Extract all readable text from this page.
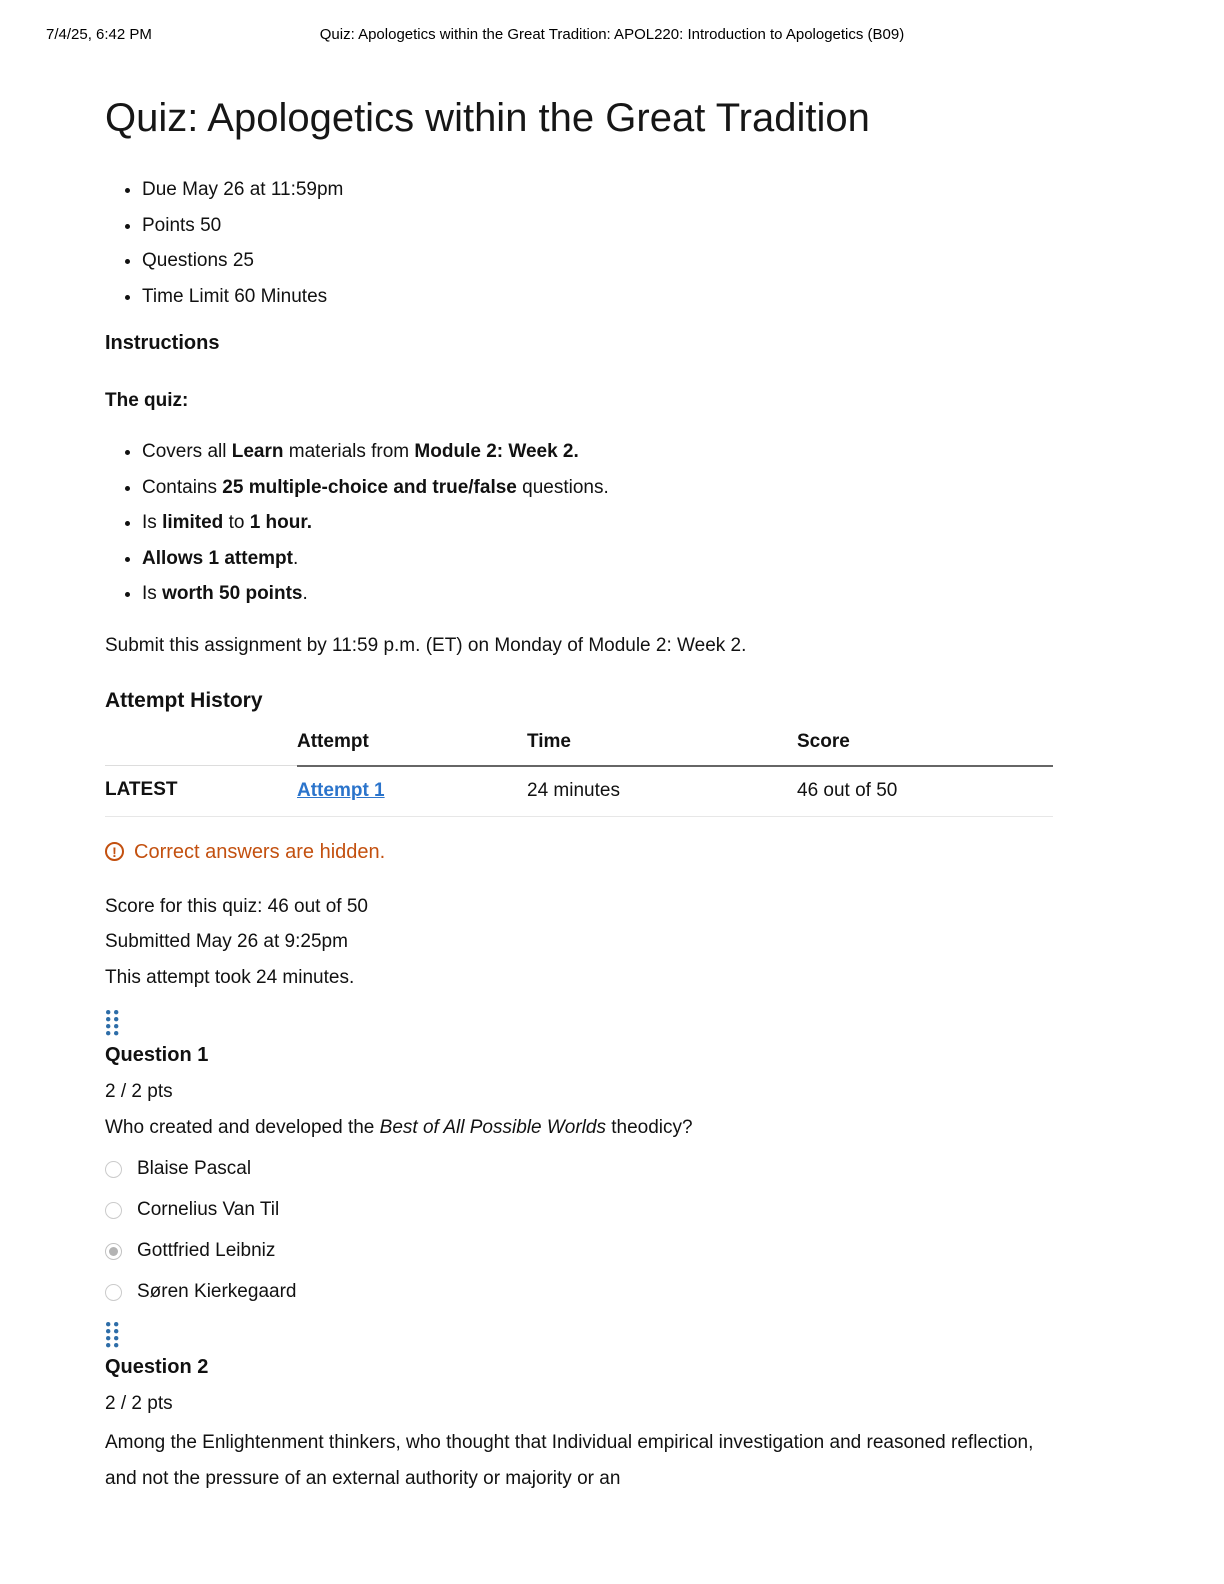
7/4/25, 6:42 PM	Quiz: Apologetics within the Great Tradition: APOL220: Introduction to Apologetics (B09)
Quiz: Apologetics within the Great Tradition
• Due May 26 at 11:59pm
• Points 50
• Questions 25
• Time Limit 60 Minutes
Instructions

The quiz:

• Covers all Learn materials from Module 2: Week 2.
• Contains 25 multiple-choice and true/false questions.
• Is limited to 1 hour.
• Allows 1 attempt.
• Is worth 50 points.

Submit this assignment by 11:59 p.m. (ET) on Monday of Module 2: Week 2.

Attempt History
	Attempt	Time	Score
LATEST	Attempt 1	24 minutes	46 out of 50
! Correct answers are hidden.

Score for this quiz: 46 out of 50

Submitted May 26 at 9:25pm

This attempt took 24 minutes.

Question 1

2 / 2 pts

Who created and developed the Best of All Possible Worlds theodicy?

Blaise Pascal
Cornelius Van Til
Gottfried Leibniz
Søren Kierkegaard
Question 2

2 / 2 pts

Among the Enlightenment thinkers, who thought that Individual empirical investigation and reasoned reflection, and not the pressure of an external authority or majority or an
